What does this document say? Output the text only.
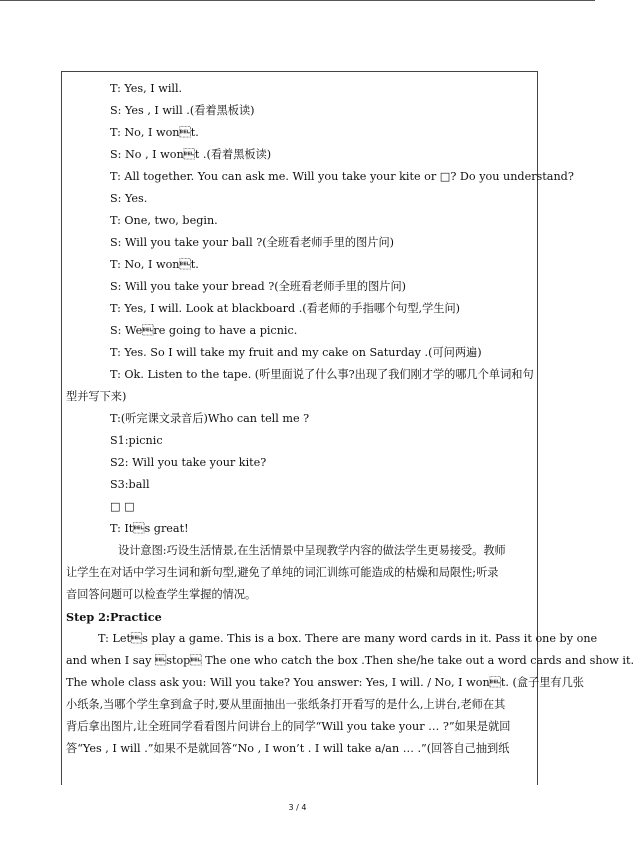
T: Yes, I will.
S: Yes , I will .(看着黑板读)
T: No, I wont.
S: No , I wont .(看着黑板读)
T: All together. You can ask me. Will you take your kite or □? Do you understand?
S: Yes.
T: One, two, begin.
S: Will you take your ball ?(全班看老师手里的图片问)
T: No, I wont.
S: Will you take your bread ?(全班看老师手里的图片问)
T: Yes, I will. Look at blackboard .(看老师的手指哪个句型,学生问)
S: Were going to have a picnic.
T: Yes. So I will take my fruit and my cake on Saturday .(可问两遍)
T: Ok. Listen to the tape. (听里面说了什么事?出现了我们刚才学的哪几个单词和句
型并写下来)
T:(听完课文录音后)Who can tell me ?
S1:picnic
S2: Will you take your kite?
S3:ball
□ □
T: Its great!
设计意图:巧设生活情景,在生活情景中呈现教学内容的做法学生更易接受。教师
让学生在对话中学习生词和新句型,避免了单纯的词汇训练可能造成的枯燥和局限性;听录
音回答问题可以检查学生掌握的情况。
Step 2:Practice
T: Lets play a game. This is a box. There are many word cards in it. Pass it one by one
and when I say stop The one who catch the box .Then she/he take out a word cards and show it.
The whole class ask you: Will you take? You answer: Yes, I will. / No, I wont. (盒子里有几张
小纸条,当哪个学生拿到盒子时,要从里面抽出一张纸条打开看写的是什么,上讲台,老师在其
背后拿出图片,让全班同学看看图片问讲台上的同学“Will you take your … ?”如果是就回
答“Yes , I will .”如果不是就回答“No , I won’t . I will take a/an … .”(回答自己抽到纸
3 / 4
